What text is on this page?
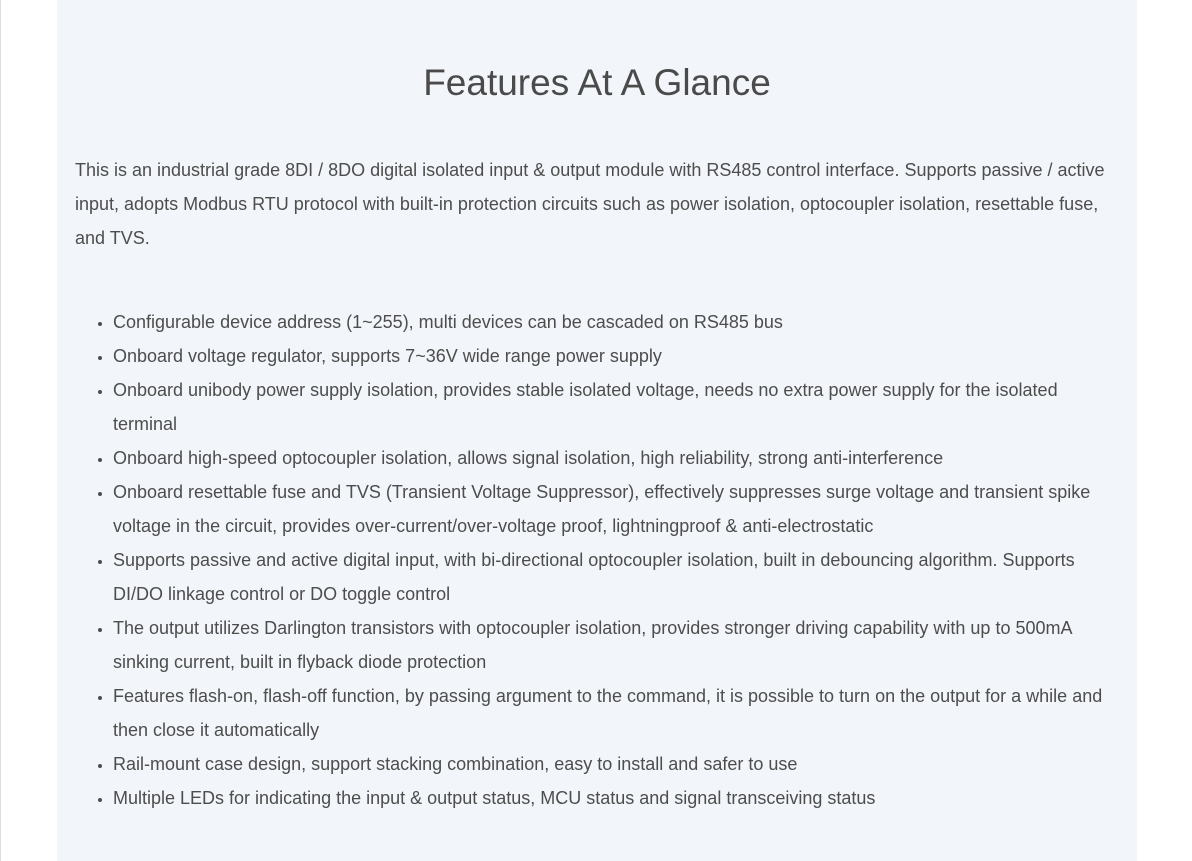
Features At A Glance

This is an industrial grade 8DI / 8DO digital isolated input & output module with RS485 control interface. Supports passive / active input, adopts Modbus RTU protocol with built-in protection circuits such as power isolation, optocoupler isolation, resettable fuse, and TVS.

• Configurable device address (1~255), multi devices can be cascaded on RS485 bus
• Onboard voltage regulator, supports 7~36V wide range power supply
• Onboard unibody power supply isolation, provides stable isolated voltage, needs no extra power supply for the isolated terminal
• Onboard high-speed optocoupler isolation, allows signal isolation, high reliability, strong anti-interference
• Onboard resettable fuse and TVS (Transient Voltage Suppressor), effectively suppresses surge voltage and transient spike voltage in the circuit, provides over-current/over-voltage proof, lightningproof & anti-electrostatic
• Supports passive and active digital input, with bi-directional optocoupler isolation, built in debouncing algorithm. Supports DI/DO linkage control or DO toggle control
• The output utilizes Darlington transistors with optocoupler isolation, provides stronger driving capability with up to 500mA sinking current, built in flyback diode protection
• Features flash-on, flash-off function, by passing argument to the command, it is possible to turn on the output for a while and then close it automatically
• Rail-mount case design, support stacking combination, easy to install and safer to use
• Multiple LEDs for indicating the input & output status, MCU status and signal transceiving status
